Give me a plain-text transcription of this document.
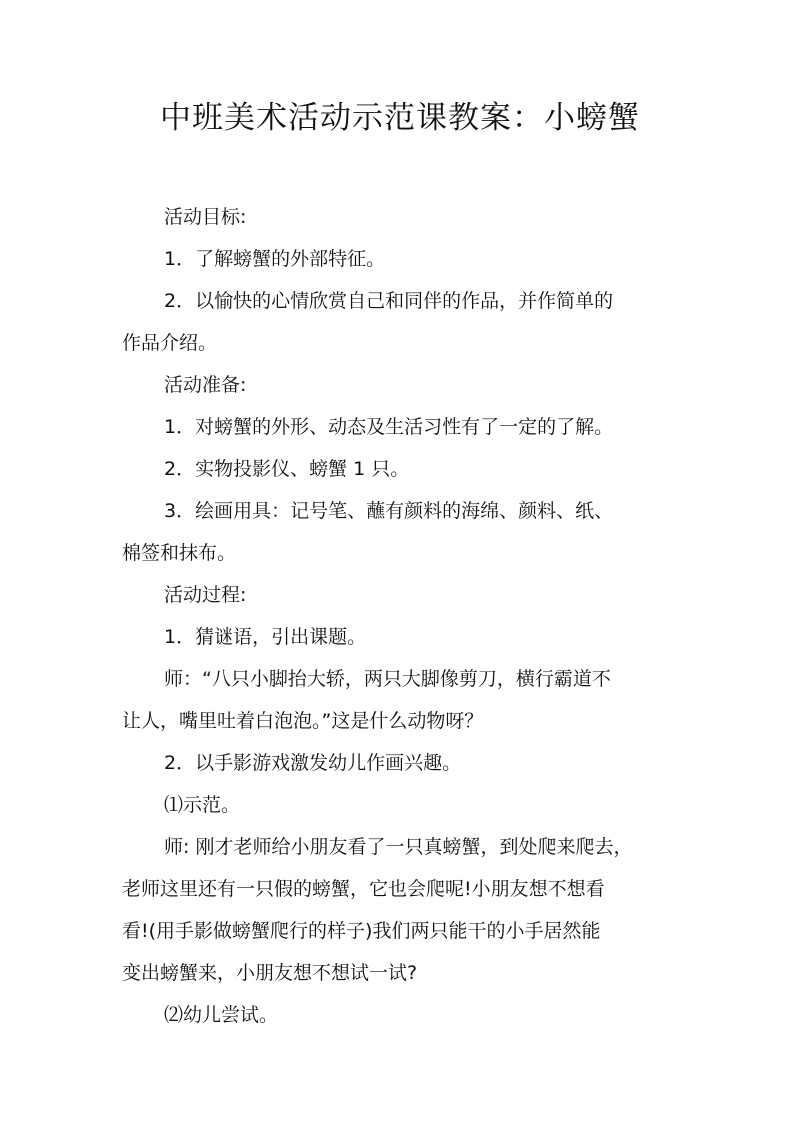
中班美术活动示范课教案：小螃蟹
活动目标:
1．了解螃蟹的外部特征。
2．以愉快的心情欣赏自己和同伴的作品，并作简单的
作品介绍。
活动准备:
1．对螃蟹的外形、动态及生活习性有了一定的了解。
2．实物投影仪、螃蟹 1 只。
3．绘画用具：记号笔、蘸有颜料的海绵、颜料、纸、
棉签和抹布。
活动过程:
1．猜谜语，引出课题。
师：“八只小脚抬大轿，两只大脚像剪刀，横行霸道不
让人，嘴里吐着白泡泡。”这是什么动物呀？
2．以手影游戏激发幼儿作画兴趣。
⑴示范。
师: 刚才老师给小朋友看了一只真螃蟹，到处爬来爬去，
老师这里还有一只假的螃蟹，它也会爬呢!小朋友想不想看
看!(用手影做螃蟹爬行的样子)我们两只能干的小手居然能
变出螃蟹来，小朋友想不想试一试?
⑵幼儿尝试。
